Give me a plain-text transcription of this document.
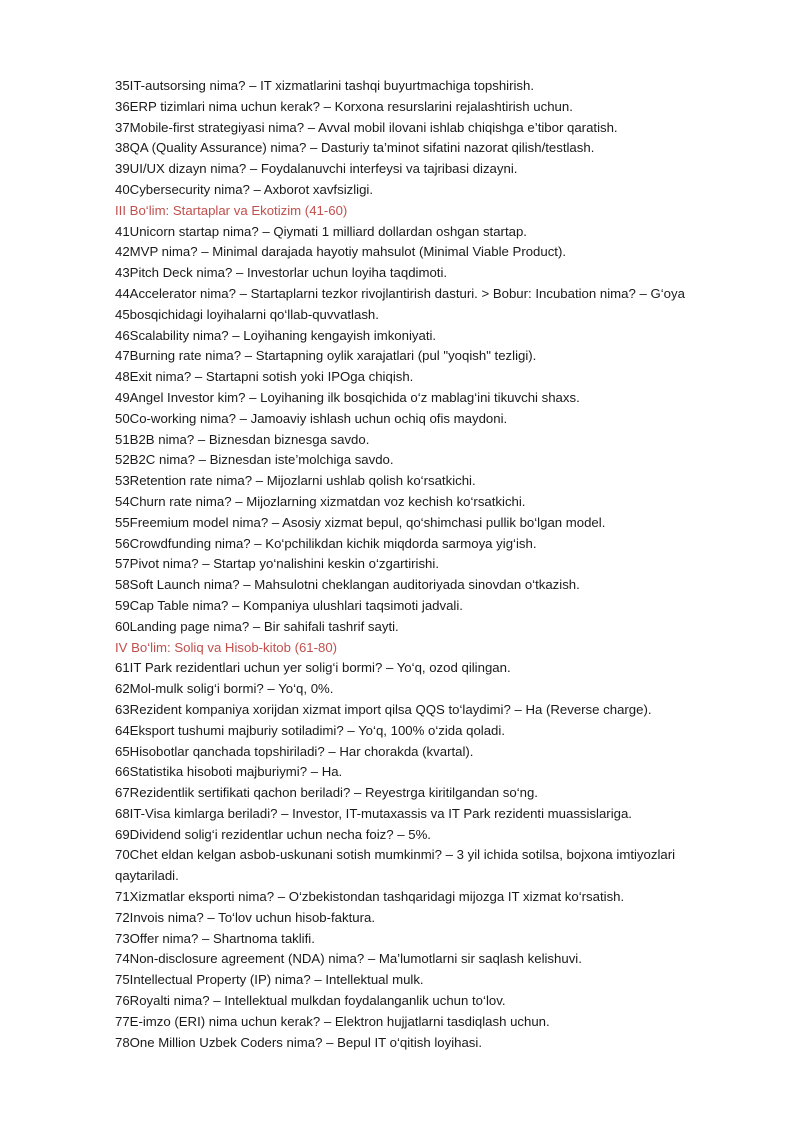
35IT-autsorsing nima? – IT xizmatlarini tashqi buyurtmachiga topshirish.

36ERP tizimlari nima uchun kerak? – Korxona resurslarini rejalashtirish uchun.

37Mobile-first strategiyasi nima? – Avval mobil ilovani ishlab chiqishga e’tibor qaratish.

38QA (Quality Assurance) nima? – Dasturiy ta’minot sifatini nazorat qilish/testlash.

39UI/UX dizayn nima? – Foydalanuvchi interfeysi va tajribasi dizayni.

40Cybersecurity nima? – Axborot xavfsizligi.

III Bo‘lim: Startaplar va Ekotizim (41-60)

41Unicorn startap nima? – Qiymati 1 milliard dollardan oshgan startap.

42MVP nima? – Minimal darajada hayotiy mahsulot (Minimal Viable Product).

43Pitch Deck nima? – Investorlar uchun loyiha taqdimoti.

44Accelerator nima? – Startaplarni tezkor rivojlantirish dasturi. > Bobur: Incubation nima? – G‘oya

45bosqichidagi loyihalarni qo‘llab-quvvatlash.

46Scalability nima? – Loyihaning kengayish imkoniyati.

47Burning rate nima? – Startapning oylik xarajatlari (pul "yoqish" tezligi).

48Exit nima? – Startapni sotish yoki IPOga chiqish.

49Angel Investor kim? – Loyihaning ilk bosqichida o‘z mablag‘ini tikuvchi shaxs.

50Co-working nima? – Jamoaviy ishlash uchun ochiq ofis maydoni.

51B2B nima? – Biznesdan biznesga savdo.

52B2C nima? – Biznesdan iste’molchiga savdo.

53Retention rate nima? – Mijozlarni ushlab qolish ko‘rsatkichi.

54Churn rate nima? – Mijozlarning xizmatdan voz kechish ko‘rsatkichi.

55Freemium model nima? – Asosiy xizmat bepul, qo‘shimchasi pullik bo‘lgan model.

56Crowdfunding nima? – Ko‘pchilikdan kichik miqdorda sarmoya yig‘ish.

57Pivot nima? – Startap yo‘nalishini keskin o‘zgartirishi.

58Soft Launch nima? – Mahsulotni cheklangan auditoriyada sinovdan o‘tkazish.

59Cap Table nima? – Kompaniya ulushlari taqsimoti jadvali.

60Landing page nima? – Bir sahifali tashrif sayti.

IV Bo‘lim: Soliq va Hisob-kitob (61-80)

61IT Park rezidentlari uchun yer solig‘i bormi? – Yo‘q, ozod qilingan.

62Mol-mulk solig‘i bormi? – Yo‘q, 0%.

63Rezident kompaniya xorijdan xizmat import qilsa QQS to‘laydimi? – Ha (Reverse charge).

64Eksport tushumi majburiy sotiladimi? – Yo‘q, 100% o‘zida qoladi.

65Hisobotlar qanchada topshiriladi? – Har chorakda (kvartal).

66Statistika hisoboti majburiymi? – Ha.

67Rezidentlik sertifikati qachon beriladi? – Reyestrga kiritilgandan so‘ng.

68IT-Visa kimlarga beriladi? – Investor, IT-mutaxassis va IT Park rezidenti muassislariga.

69Dividend solig‘i rezidentlar uchun necha foiz? – 5%.

70Chet eldan kelgan asbob-uskunani sotish mumkinmi? – 3 yil ichida sotilsa, bojxona imtiyozlari qaytariladi.

71Xizmatlar eksporti nima? – O‘zbekistondan tashqaridagi mijozga IT xizmat ko‘rsatish.

72Invois nima? – To‘lov uchun hisob-faktura.

73Offer nima? – Shartnoma taklifi.

74Non-disclosure agreement (NDA) nima? – Ma’lumotlarni sir saqlash kelishuvi.

75Intellectual Property (IP) nima? – Intellektual mulk.

76Royalti nima? – Intellektual mulkdan foydalanganlik uchun to‘lov.

77E-imzo (ERI) nima uchun kerak? – Elektron hujjatlarni tasdiqlash uchun.

78One Million Uzbek Coders nima? – Bepul IT o‘qitish loyihasi.
